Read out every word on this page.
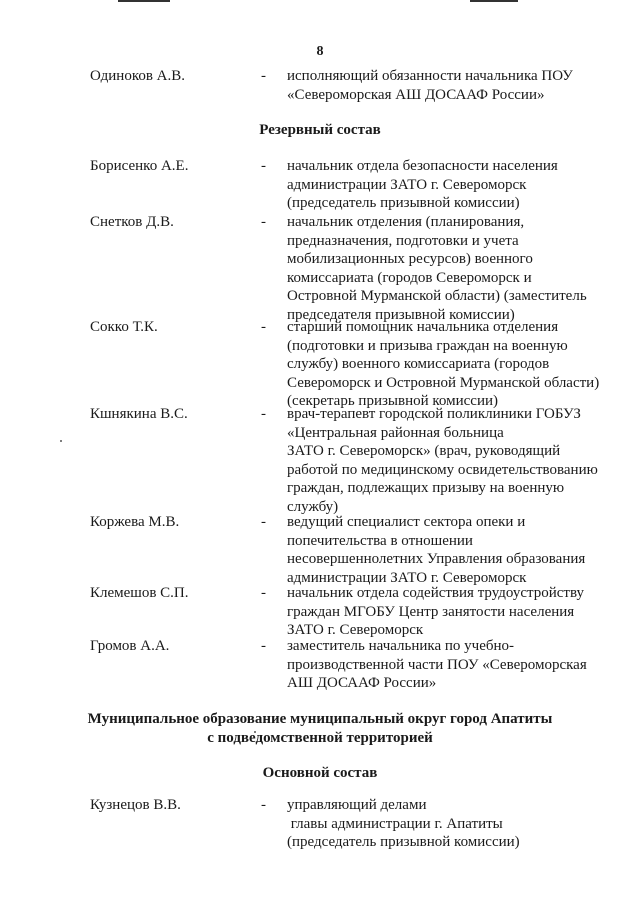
8
Одиноков А.В.	- исполняющий обязанности начальника ПОУ
«Североморская АШ ДОСААФ России»
Резервный состав
Борисенко А.Е.	- начальник отдела безопасности населения
администрации ЗАТО г. Североморск
(председатель призывной комиссии)
Снетков Д.В.	- начальник отделения (планирования,
предназначения, подготовки и учета
мобилизационных ресурсов) военного
комиссариата (городов Североморск и
Островной Мурманской области) (заместитель
председателя призывной комиссии)
Сокко Т.К.	- старший помощник начальника отделения
(подготовки и призыва граждан на военную
службу) военного комиссариата (городов
Североморск и Островной Мурманской области)
(секретарь призывной комиссии)
Кшнякина В.С.	- врач-терапевт городской поликлиники ГОБУЗ
«Центральная районная больница
ЗАТО г. Североморск» (врач, руководящий
работой по медицинскому освидетельствованию
граждан, подлежащих призыву на военную
службу)
Коржева М.В.	- ведущий специалист сектора опеки и
попечительства в отношении
несовершеннолетних Управления образования
администрации ЗАТО г. Североморск
Клемешов С.П.	- начальник отдела содействия трудоустройству
граждан МГОБУ Центр занятости населения
ЗАТО г. Североморск
Громов А.А.	- заместитель начальника по учебно-
производственной части ПОУ «Североморская
АШ ДОСААФ России»
Муниципальное образование муниципальный округ город Апатиты
с подведомственной территорией
Основной состав
Кузнецов В.В.	- управляющий делами
главы администрации г. Апатиты
(председатель призывной комиссии)
